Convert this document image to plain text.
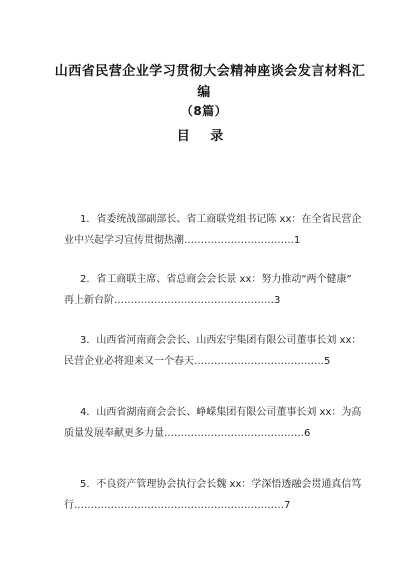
山西省民营企业学习贯彻大会精神座谈会发言材料汇
编
（8篇）
目 录
1．省委统战部副部长、省工商联党组书记陈 xx：在全省民营企
业中兴起学习宣传贯彻热潮……………………………1
2．省工商联主席、省总商会会长景 xx：努力推动“两个健康”
再上新台阶…………………………………………3
3．山西省河南商会会长、山西宏宇集团有限公司董事长刘 xx：
民营企业必将迎来又一个春天…………………………………5
4．山西省湖南商会会长、峥嵘集团有限公司董事长刘 xx：为高
质量发展奉献更多力量……………………………………6
5．不良资产管理协会执行会长魏 xx：学深悟透融会贯通真信笃
行………………………………………………………7
